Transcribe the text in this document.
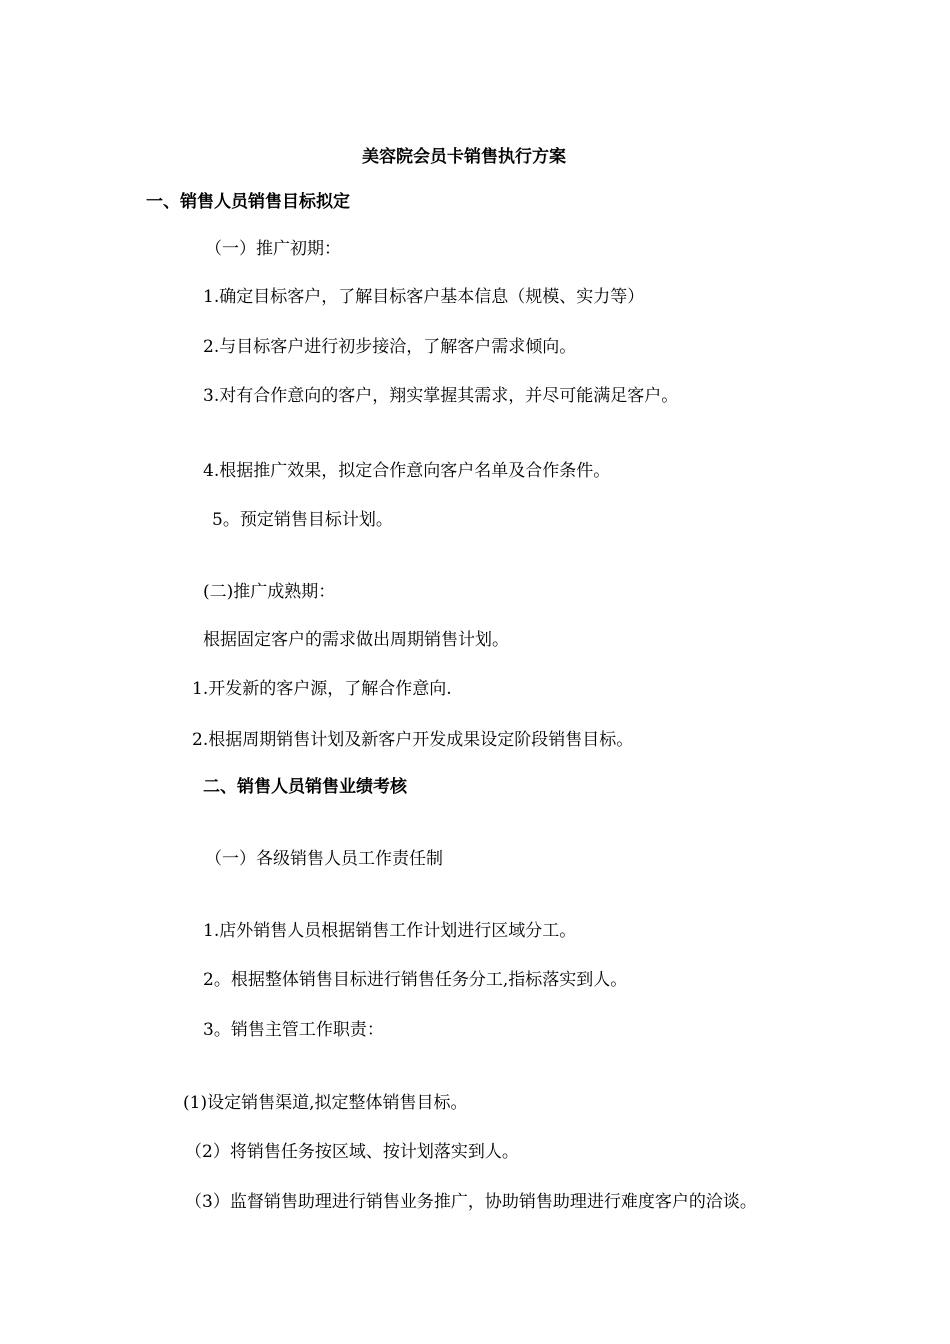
美容院会员卡销售执行方案
一、销售人员销售目标拟定
（一）推广初期：
1.确定目标客户，了解目标客户基本信息（规模、实力等）
2.与目标客户进行初步接洽，了解客户需求倾向。
3.对有合作意向的客户，翔实掌握其需求，并尽可能满足客户。
4.根据推广效果，拟定合作意向客户名单及合作条件。
5。预定销售目标计划。
(二)推广成熟期：
根据固定客户的需求做出周期销售计划。
1.开发新的客户源，了解合作意向.
2.根据周期销售计划及新客户开发成果设定阶段销售目标。
二、销售人员销售业绩考核
（一）各级销售人员工作责任制
1.店外销售人员根据销售工作计划进行区域分工。
2。根据整体销售目标进行销售任务分工,指标落实到人。
3。销售主管工作职责：
(1)设定销售渠道,拟定整体销售目标。
（2）将销售任务按区域、按计划落实到人。
（3）监督销售助理进行销售业务推广，协助销售助理进行难度客户的洽谈。
